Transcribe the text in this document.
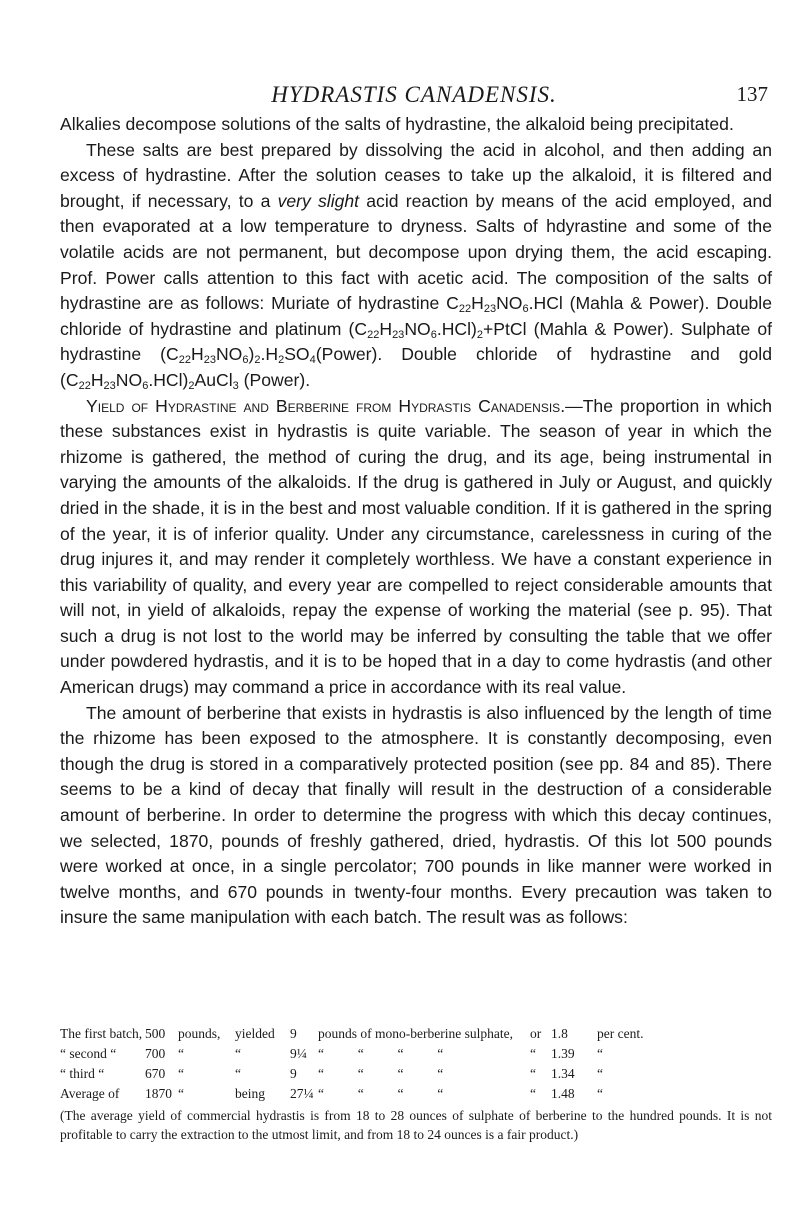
HYDRASTIS CANADENSIS.	137

Alkalies decompose solutions of the salts of hydrastine, the alkaloid being precipitated.

These salts are best prepared by dissolving the acid in alcohol, and then adding an excess of hydrastine. After the solution ceases to take up the alkaloid, it is filtered and brought, if necessary, to a very slight acid reaction by means of the acid employed, and then evaporated at a low temperature to dryness. Salts of hdyrastine and some of the volatile acids are not permanent, but decompose upon drying them, the acid escaping. Prof. Power calls attention to this fact with acetic acid. The composition of the salts of hydrastine are as follows: Muriate of hydrastine $C_{22}H_{23}NO_6.HCl$ (Mahla & Power). Double chloride of hydrastine and platinum $(C_{22}H_{23}NO_6.HCl)_2+PtCl$ (Mahla & Power). Sulphate of hydrastine $(C_{22}H_{23}NO_6)_2.H_2SO_4(Power)$. Double chloride of hydrastine and gold $(C_{22}H_{23}NO_6.HCl)_2AuCl_3$ (Power).

Yield of Hydrastine and Berberine from Hydrastis Canadensis.—The proportion in which these substances exist in hydrastis is quite variable. The season of year in which the rhizome is gathered, the method of curing the drug, and its age, being instrumental in varying the amounts of the alkaloids. If the drug is gathered in July or August, and quickly dried in the shade, it is in the best and most valuable condition. If it is gathered in the spring of the year, it is of inferior quality. Under any circumstance, carelessness in curing of the drug injures it, and may render it completely worthless. We have a constant experience in this variability of quality, and every year are compelled to reject considerable amounts that will not, in yield of alkaloids, repay the expense of working the material (see p. 95). That such a drug is not lost to the world may be inferred by consulting the table that we offer under powdered hydrastis, and it is to be hoped that in a day to come hydrastis (and other American drugs) may command a price in accordance with its real value.

The amount of berberine that exists in hydrastis is also influenced by the length of time the rhizome has been exposed to the atmosphere. It is constantly decomposing, even though the drug is stored in a comparatively protected position (see pp. 84 and 85). There seems to be a kind of decay that finally will result in the destruction of a considerable amount of berberine. In order to determine the progress with which this decay continues, we selected, 1870, pounds of freshly gathered, dried, hydrastis. Of this lot 500 pounds were worked at once, in a single percolator; 700 pounds in like manner were worked in twelve months, and 670 pounds in twenty-four months. Every precaution was taken to insure the same manipulation with each batch. The result was as follows:

The first batch, 500 pounds, yielded 9 pounds of mono-berberine sulphate, or 1.8 per cent.
“ second “ 700 “	“	9¼ “          “          “          “	“ 1.39 “
“ third “	670 “	“	9 “          “          “          “	“ 1.34 “
Average of 1870 “	being 27¼ “          “          “          “	“ 1.48 “
(The average yield of commercial hydrastis is from 18 to 28 ounces of sulphate of berberine to the hundred pounds. It is not profitable to carry the extraction to the utmost limit, and from 18 to 24 ounces is a fair product.)
